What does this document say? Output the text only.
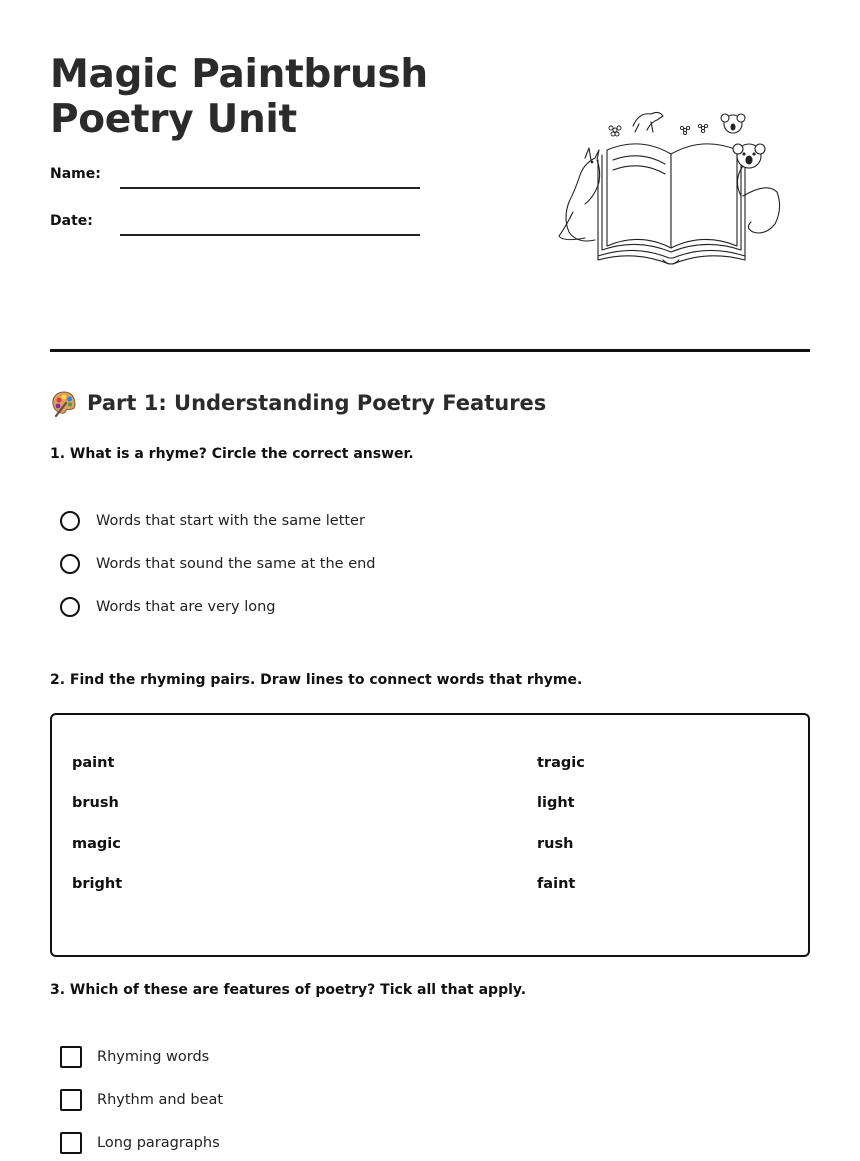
Magic Paintbrush
Poetry Unit
Name:
Date:
Part 1: Understanding Poetry Features

1. What is a rhyme? Circle the correct answer.

Words that start with the same letter
Words that sound the same at the end
Words that are very long

2. Find the rhyming pairs. Draw lines to connect words that rhyme.

paint
brush
magic
bright
tragic
light
rush
faint

3. Which of these are features of poetry? Tick all that apply.

Rhyming words
Rhythm and beat
Long paragraphs
